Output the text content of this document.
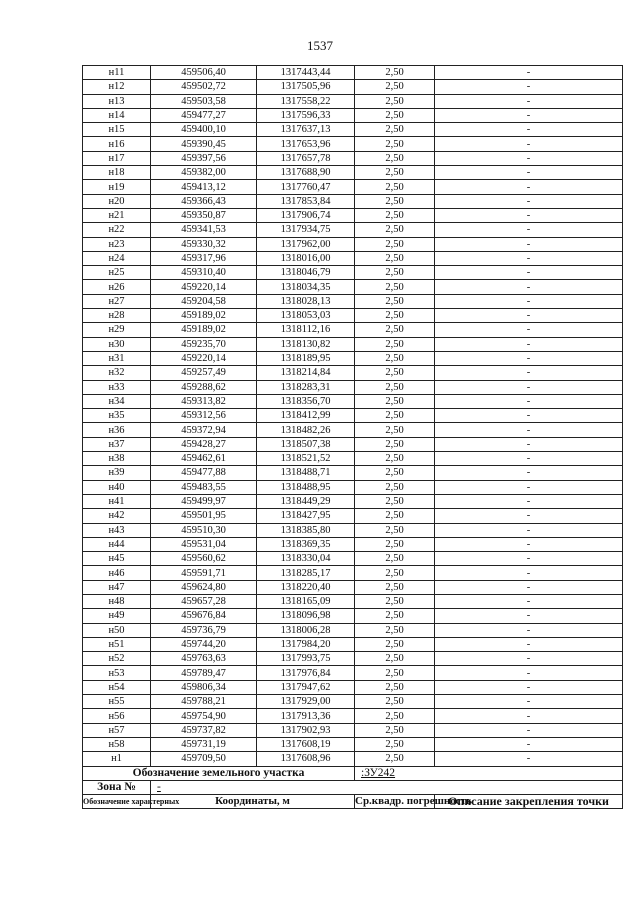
1537
н11	459506,40	1317443,44	2,50	-
н12	459502,72	1317505,96	2,50	-
н13	459503,58	1317558,22	2,50	-
н14	459477,27	1317596,33	2,50	-
н15	459400,10	1317637,13	2,50	-
н16	459390,45	1317653,96	2,50	-
н17	459397,56	1317657,78	2,50	-
н18	459382,00	1317688,90	2,50	-
н19	459413,12	1317760,47	2,50	-
н20	459366,43	1317853,84	2,50	-
н21	459350,87	1317906,74	2,50	-
н22	459341,53	1317934,75	2,50	-
н23	459330,32	1317962,00	2,50	-
н24	459317,96	1318016,00	2,50	-
н25	459310,40	1318046,79	2,50	-
н26	459220,14	1318034,35	2,50	-
н27	459204,58	1318028,13	2,50	-
н28	459189,02	1318053,03	2,50	-
н29	459189,02	1318112,16	2,50	-
н30	459235,70	1318130,82	2,50	-
н31	459220,14	1318189,95	2,50	-
н32	459257,49	1318214,84	2,50	-
н33	459288,62	1318283,31	2,50	-
н34	459313,82	1318356,70	2,50	-
н35	459312,56	1318412,99	2,50	-
н36	459372,94	1318482,26	2,50	-
н37	459428,27	1318507,38	2,50	-
н38	459462,61	1318521,52	2,50	-
н39	459477,88	1318488,71	2,50	-
н40	459483,55	1318488,95	2,50	-
н41	459499,97	1318449,29	2,50	-
н42	459501,95	1318427,95	2,50	-
н43	459510,30	1318385,80	2,50	-
н44	459531,04	1318369,35	2,50	-
н45	459560,62	1318330,04	2,50	-
н46	459591,71	1318285,17	2,50	-
н47	459624,80	1318220,40	2,50	-
н48	459657,28	1318165,09	2,50	-
н49	459676,84	1318096,98	2,50	-
н50	459736,79	1318006,28	2,50	-
н51	459744,20	1317984,20	2,50	-
н52	459763,63	1317993,75	2,50	-
н53	459789,47	1317976,84	2,50	-
н54	459806,34	1317947,62	2,50	-
н55	459788,21	1317929,00	2,50	-
н56	459754,90	1317913,36	2,50	-
н57	459737,82	1317902,93	2,50	-
н58	459731,19	1317608,19	2,50	-
н1	459709,50	1317608,96	2,50	-
Обозначение земельного участка			:ЗУ242	
Зона №	-			
Обозначение характерных	Координаты, м		Ср.квадр. погрешность	Описание закрепления точки
